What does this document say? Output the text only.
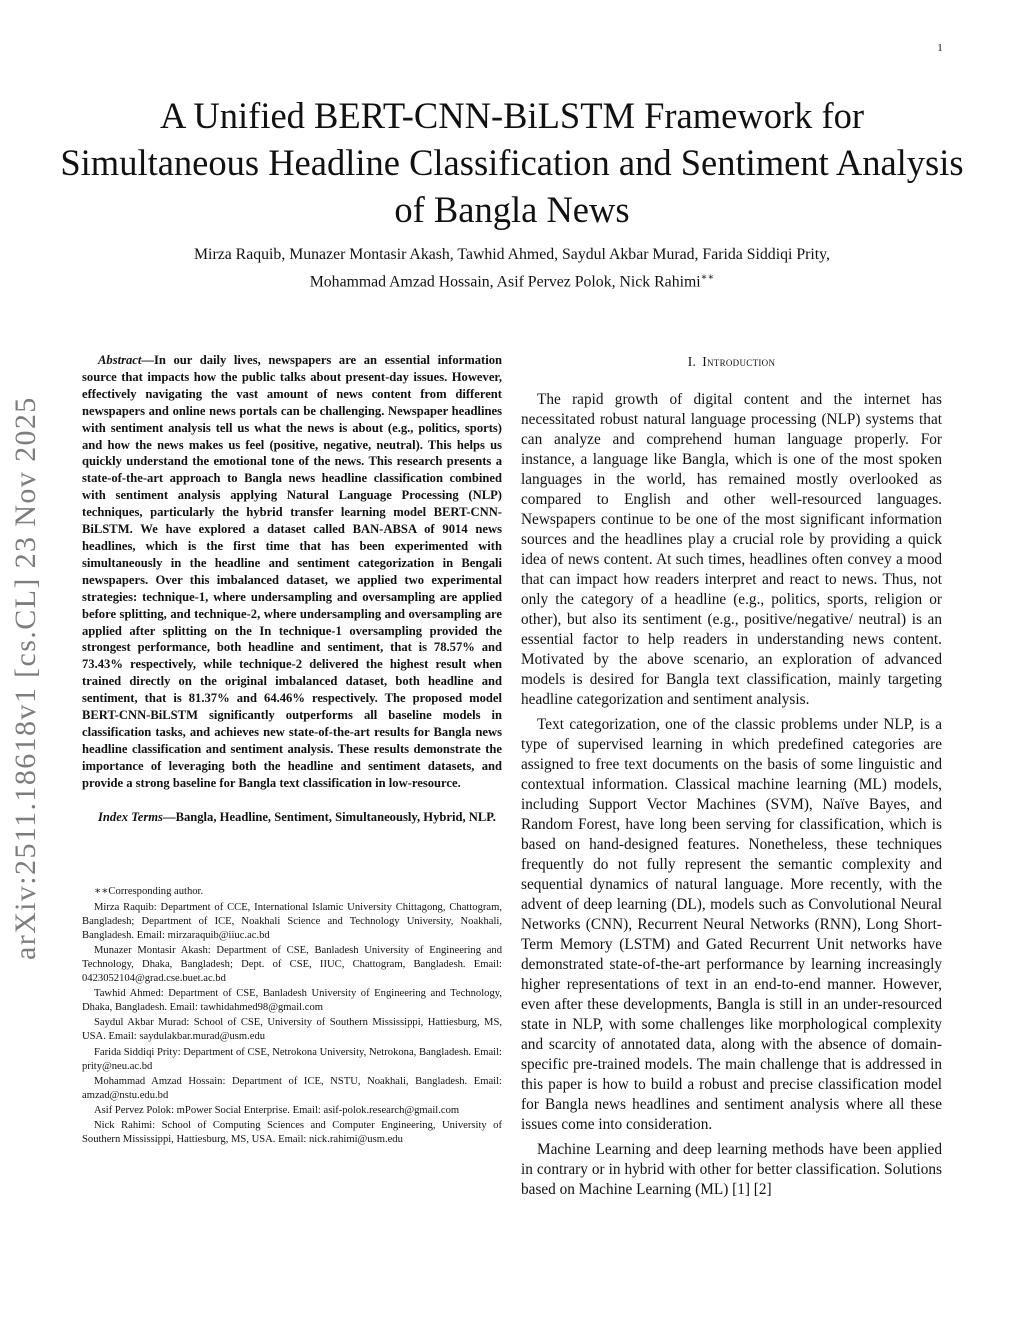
1
arXiv:2511.18618v1 [cs.CL] 23 Nov 2025
A Unified BERT-CNN-BiLSTM Framework for Simultaneous Headline Classification and Sentiment Analysis of Bangla News
Mirza Raquib, Munazer Montasir Akash, Tawhid Ahmed, Saydul Akbar Murad, Farida Siddiqi Prity,
Mohammad Amzad Hossain, Asif Pervez Polok, Nick Rahimi∗∗

Abstract—In our daily lives, newspapers are an essential information source that impacts how the public talks about present-day issues. However, effectively navigating the vast amount of news content from different newspapers and online news portals can be challenging. Newspaper headlines with sentiment analysis tell us what the news is about (e.g., politics, sports) and how the news makes us feel (positive, negative, neutral). This helps us quickly understand the emotional tone of the news. This research presents a state-of-the-art approach to Bangla news headline classification combined with sentiment analysis applying Natural Language Processing (NLP) techniques, particularly the hybrid transfer learning model BERT-CNN-BiLSTM. We have explored a dataset called BAN-ABSA of 9014 news headlines, which is the first time that has been experimented with simultaneously in the headline and sentiment categorization in Bengali newspapers. Over this imbalanced dataset, we applied two experimental strategies: technique-1, where undersampling and oversampling are applied before splitting, and technique-2, where undersampling and oversampling are applied after splitting on the In technique-1 oversampling provided the strongest performance, both headline and sentiment, that is 78.57% and 73.43% respectively, while technique-2 delivered the highest result when trained directly on the original imbalanced dataset, both headline and sentiment, that is 81.37% and 64.46% respectively. The proposed model BERT-CNN-BiLSTM significantly outperforms all baseline models in classification tasks, and achieves new state-of-the-art results for Bangla news headline classification and sentiment analysis. These results demonstrate the importance of leveraging both the headline and sentiment datasets, and provide a strong baseline for Bangla text classification in low-resource.

Index Terms—Bangla, Headline, Sentiment, Simultaneously, Hybrid, NLP.

∗∗Corresponding author.

Mirza Raquib: Department of CCE, International Islamic University Chittagong, Chattogram, Bangladesh; Department of ICE, Noakhali Science and Technology University, Noakhali, Bangladesh. Email: mirzaraquib@iiuc.ac.bd

Munazer Montasir Akash: Department of CSE, Banladesh University of Engineering and Technology, Dhaka, Bangladesh; Dept. of CSE, IIUC, Chattogram, Bangladesh. Email: 0423052104@grad.cse.buet.ac.bd

Tawhid Ahmed: Department of CSE, Banladesh University of Engineering and Technology, Dhaka, Bangladesh. Email: tawhidahmed98@gmail.com

Saydul Akbar Murad: School of CSE, University of Southern Mississippi, Hattiesburg, MS, USA. Email: saydulakbar.murad@usm.edu

Farida Siddiqi Prity: Department of CSE, Netrokona University, Netrokona, Bangladesh. Email: prity@neu.ac.bd

Mohammad Amzad Hossain: Department of ICE, NSTU, Noakhali, Bangladesh. Email: amzad@nstu.edu.bd

Asif Pervez Polok: mPower Social Enterprise. Email: asif-polok.research@gmail.com

Nick Rahimi: School of Computing Sciences and Computer Engineering, University of Southern Mississippi, Hattiesburg, MS, USA. Email: nick.rahimi@usm.edu

I. Introduction

The rapid growth of digital content and the internet has necessitated robust natural language processing (NLP) systems that can analyze and comprehend human language properly. For instance, a language like Bangla, which is one of the most spoken languages in the world, has remained mostly overlooked as compared to English and other well-resourced languages. Newspapers continue to be one of the most significant information sources and the headlines play a crucial role by providing a quick idea of news content. At such times, headlines often convey a mood that can impact how readers interpret and react to news. Thus, not only the category of a headline (e.g., politics, sports, religion or other), but also its sentiment (e.g., positive/negative/ neutral) is an essential factor to help readers in understanding news content. Motivated by the above scenario, an exploration of advanced models is desired for Bangla text classification, mainly targeting headline categorization and sentiment analysis.

Text categorization, one of the classic problems under NLP, is a type of supervised learning in which predefined categories are assigned to free text documents on the basis of some linguistic and contextual information. Classical machine learning (ML) models, including Support Vector Machines (SVM), Naïve Bayes, and Random Forest, have long been serving for classification, which is based on hand-designed features. Nonetheless, these techniques frequently do not fully represent the semantic complexity and sequential dynamics of natural language. More recently, with the advent of deep learning (DL), models such as Convolutional Neural Networks (CNN), Recurrent Neural Networks (RNN), Long Short-Term Memory (LSTM) and Gated Recurrent Unit networks have demonstrated state-of-the-art performance by learning increasingly higher representations of text in an end-to-end manner. However, even after these developments, Bangla is still in an under-resourced state in NLP, with some challenges like morphological complexity and scarcity of annotated data, along with the absence of domain-specific pre-trained models. The main challenge that is addressed in this paper is how to build a robust and precise classification model for Bangla news headlines and sentiment analysis where all these issues come into consideration.

Machine Learning and deep learning methods have been applied in contrary or in hybrid with other for better classification. Solutions based on Machine Learning (ML) [1] [2]
